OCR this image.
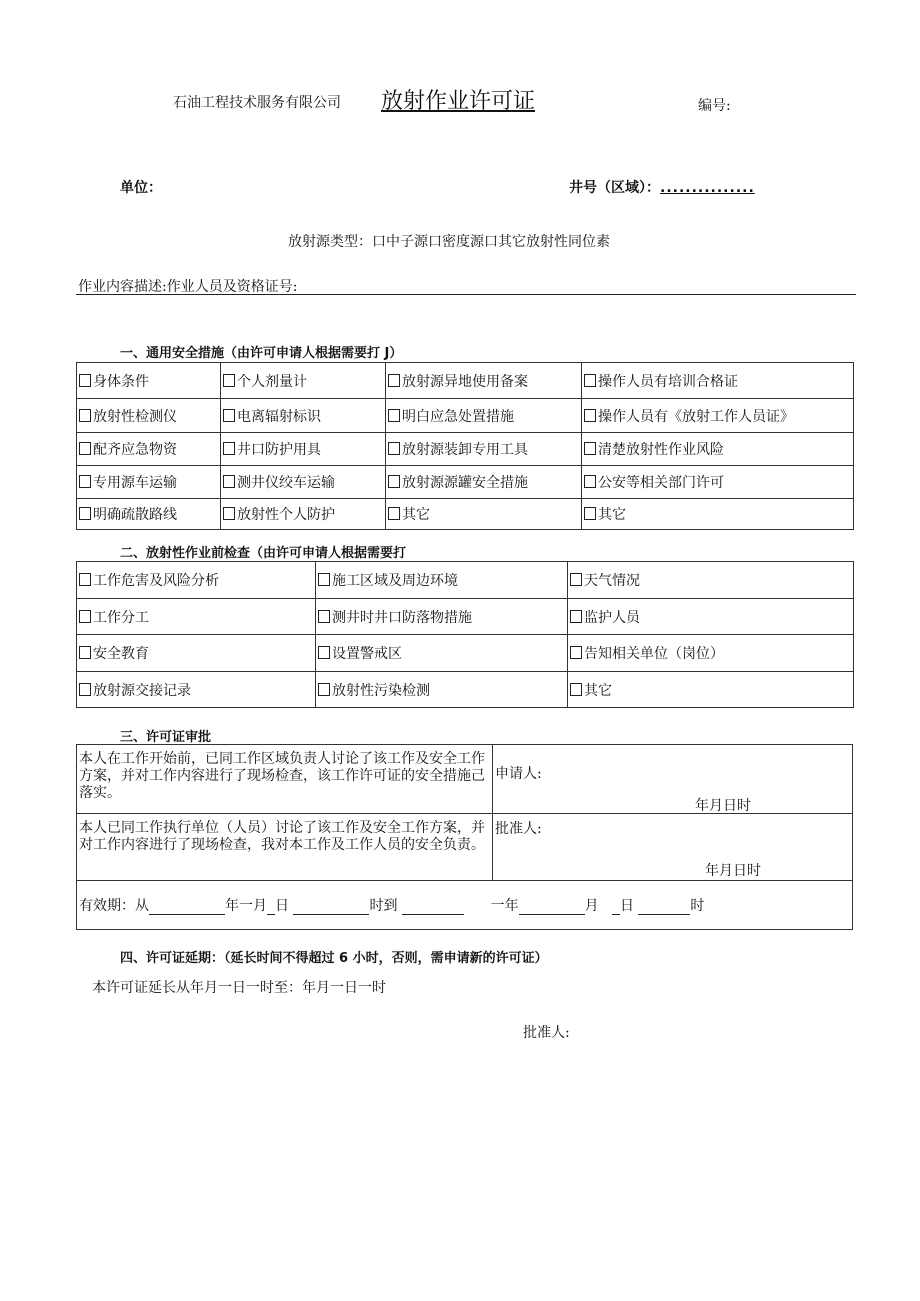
石油工程技术服务有限公司 放射作业许可证	编号:
单位：	井号（区域）：...............
放射源类型：口中子源口密度源口其它放射性同位素
作业内容描述:作业人员及资格证号:
一、通用安全措施（由许可申请人根据需要打 J）
身体条件	个人剂量计	放射源异地使用备案	操作人员有培训合格证
放射性检测仪	电离辐射标识	明白应急处置措施	操作人员有《放射工作人员证》
配齐应急物资	井口防护用具	放射源装卸专用工具	清楚放射性作业风险
专用源车运输	测井仪绞车运输	放射源源罐安全措施	公安等相关部门许可
明确疏散路线	放射性个人防护	其它	其它
二、放射性作业前检查（由许可申请人根据需要打
工作危害及风险分析	施工区域及周边环境	天气情况
工作分工	测井时井口防落物措施	监护人员
安全教育	设置警戒区	告知相关单位（岗位）
放射源交接记录	放射性污染检测	其它
三、许可证审批
本人在工作开始前，已同工作区域负责人讨论了该工作及安全工作方案，并对工作内容进行了现场检查，该工作许可证的安全措施己落实。	申请人:
年月日时

本人已同工作执行单位（人员）讨论了该工作及安全工作方案，并对工作内容进行了现场检查，我对本工作及工作人员的安全负责。	批准人:
年月日时

有效期：从 年一月 日 时到 一年 月 日 时	
四、许可证延期：（延长时间不得超过 6 小时，否则，需申请新的许可证）
本许可证延长从年月一日一时至：年月一日一时
批准人:
